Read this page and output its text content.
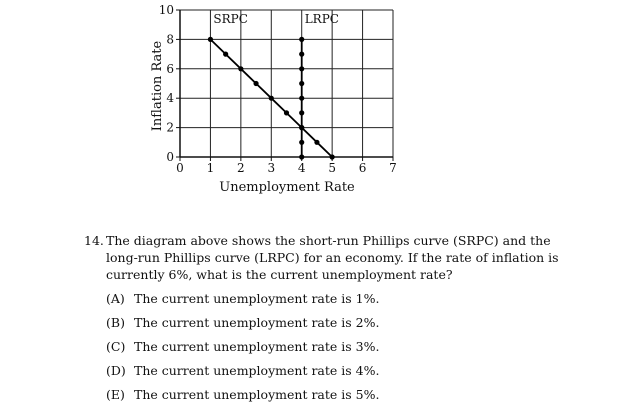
0 1 2 3 4 5 6 7
0
2
4
6
8
10
SRPC	LRPC
Unemployment Rate
Inflation Rate
14. The diagram above shows the short-run Phillips curve (SRPC) and the long-run Phillips curve (LRPC) for an economy. If the rate of inflation is currently 6%, what is the current unemployment rate?
(A) The current unemployment rate is 1%.
(B) The current unemployment rate is 2%.
(C) The current unemployment rate is 3%.
(D) The current unemployment rate is 4%.
(E) The current unemployment rate is 5%.
